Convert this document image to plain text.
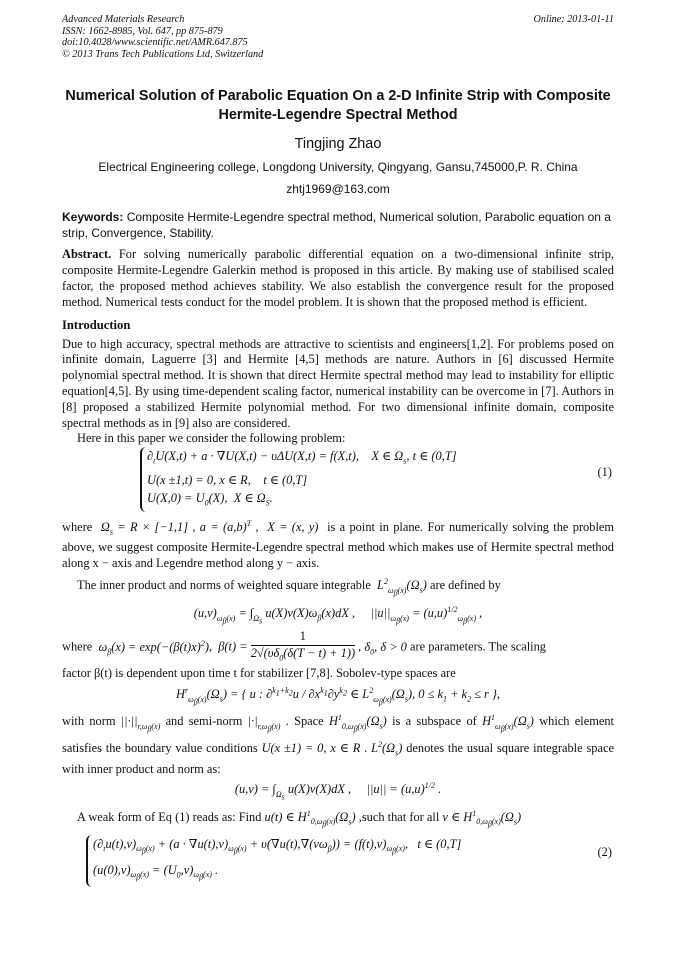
Advanced Materials Research
ISSN: 1662-8985, Vol. 647, pp 875-879
doi:10.4028/www.scientific.net/AMR.647.875
© 2013 Trans Tech Publications Ltd, Switzerland
Online: 2013-01-11
Numerical Solution of Parabolic Equation On a 2-D Infinite Strip with Composite Hermite-Legendre Spectral Method
Tingjing Zhao
Electrical Engineering college, Longdong University, Qingyang, Gansu,745000,P. R. China
zhtj1969@163.com
Keywords: Composite Hermite-Legendre spectral method, Numerical solution, Parabolic equation on a strip, Convergence, Stability.

Abstract. For solving numerically parabolic differential equation on a two-dimensional infinite strip, composite Hermite-Legendre Galerkin method is proposed in this article. By making use of stabilised scaled factor, the proposed method achieves stability. We also establish the convergence result for the proposed method. Numerical tests conduct for the model problem. It is shown that the proposed method is efficient.

Introduction

Due to high accuracy, spectral methods are attractive to scientists and engineers[1,2]. For problems posed on infinite domain, Laguerre [3] and Hermite [4,5] methods are nature. Authors in [6] discussed Hermite polynomial spectral method. It is shown that direct Hermite spectral method may lead to instability for elliptic equation[4,5]. By using time-dependent scaling factor, numerical instability can be overcome in [7]. Authors in [8] proposed a stabilized Hermite polynomial method. For two dimensional infinite domain, composite spectral methods as in [9] also are considered.

Here in this paper we consider the following problem:

$\partial_tU(X,t) + a \cdot \nabla U(X,t) - \upsilon\Delta U(X,t) = f(X,t)$,    X ∈ $\Omega_s$, t ∈ (0,T]
U(x ±1,t) = 0, x ∈ R,    t ∈ (0,T]
$U(X,0) = U_0(X)$,  X ∈ $\Omega_S$.
(1)

where  $\Omega_s = R \times [-1,1]$ , $a = (a,b)^T$ ,  X = (x, y) is a point in plane. For numerically solving the problem above, we suggest composite Hermite-Legendre spectral method which makes use of Hermite spectral method along x − axis and Legendre method along y − axis.

The inner product and norms of weighted square integrable  $L^2_{\omega_\beta(x)}(\Omega_s)$ are defined by

$(u,v)_{\omega_\beta(x)} = \int_{\Omega_s}$ $u(X)v(X)\omega_\beta(x)dX$ ,     $||u||_{\omega_\beta(x)} = (u,u)^{1/2}_{\omega_\beta(x)}$ ,

where  $\omega_\beta(x) = \exp(-(\beta(t)x)^2)$,  $\beta(t) = \frac{1}{2√(\upsilon\delta_0(\delta(T - t) + 1))}$ , $\delta_0$, δ > 0 are parameters. The scaling

factor β(t) is dependent upon time t for stabilizer [7,8]. Sobolev-type spaces are

$H^r_{\omega_\beta(x)}(\Omega_s)$ = { u : $\partial^{k_1+k_2}u / \partial x^{k_1}\partial y^{k_2}$ ∈ $L^2_{\omega_\beta(x)}(\Omega_s)$, $0 \le k_1 + k_2 \le r$ },

with norm $||\cdot||_{r,\omega_\beta(x)}$ and semi-norm $|\cdot|_{r,\omega_\beta(x)}$ . Space $H^1_{0,\omega_\beta(x)}(\Omega_s)$ is a subspace of $H^1_{\omega_\beta(x)}(\Omega_s)$ which element satisfies the boundary value conditions U(x ±1) = 0, x ∈ R . $L^2(\Omega_s)$ denotes the usual square integrable space with inner product and norm as:

$(u,v) = \int_{\Omega_s}$ u(X)v(X)dX ,     $||u|| = (u,u)^{1/2}$ .

A weak form of Eq (1) reads as: Find u(t) ∈ $H^1_{0,\omega_\beta(x)}(\Omega_s)$ ,such that for all v ∈ $H^1_{0,\omega_\beta(x)}(\Omega_s)$

$(\partial_tu(t),v)_{\omega_\beta(x)} + (a \cdot \nabla u(t),v)_{\omega_\beta(x)} + \upsilon(\nabla u(t),\nabla(v\omega_\beta)) = (f(t),v)_{\omega_\beta(x)}$,   t ∈ (0,T]
$(u(0),v)_{\omega_\beta(x)} = (U_0,v)_{\omega_\beta(x)}$ .
(2)
